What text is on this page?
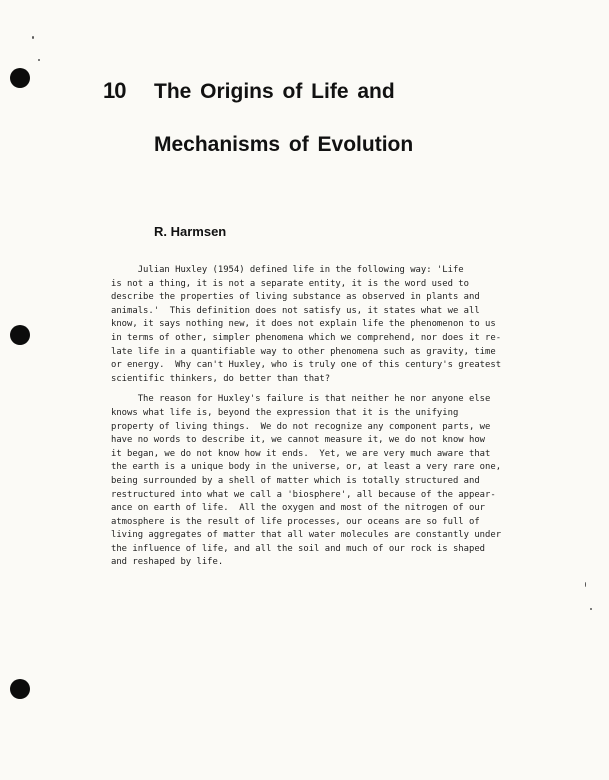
10 The Origins of Life and
Mechanisms of Evolution
R. Harmsen
Julian Huxley (1954) defined life in the following way: 'Life
is not a thing, it is not a separate entity, it is the word used to
describe the properties of living substance as observed in plants and
animals.'  This definition does not satisfy us, it states what we all
know, it says nothing new, it does not explain life the phenomenon to us
in terms of other, simpler phenomena which we comprehend, nor does it re-
late life in a quantifiable way to other phenomena such as gravity, time
or energy.  Why can't Huxley, who is truly one of this century's greatest
scientific thinkers, do better than that?
The reason for Huxley's failure is that neither he nor anyone else
knows what life is, beyond the expression that it is the unifying
property of living things.  We do not recognize any component parts, we
have no words to describe it, we cannot measure it, we do not know how
it began, we do not know how it ends.  Yet, we are very much aware that
the earth is a unique body in the universe, or, at least a very rare one,
being surrounded by a shell of matter which is totally structured and
restructured into what we call a 'biosphere', all because of the appear-
ance on earth of life.  All the oxygen and most of the nitrogen of our
atmosphere is the result of life processes, our oceans are so full of
living aggregates of matter that all water molecules are constantly under
the influence of life, and all the soil and much of our rock is shaped
and reshaped by life.
